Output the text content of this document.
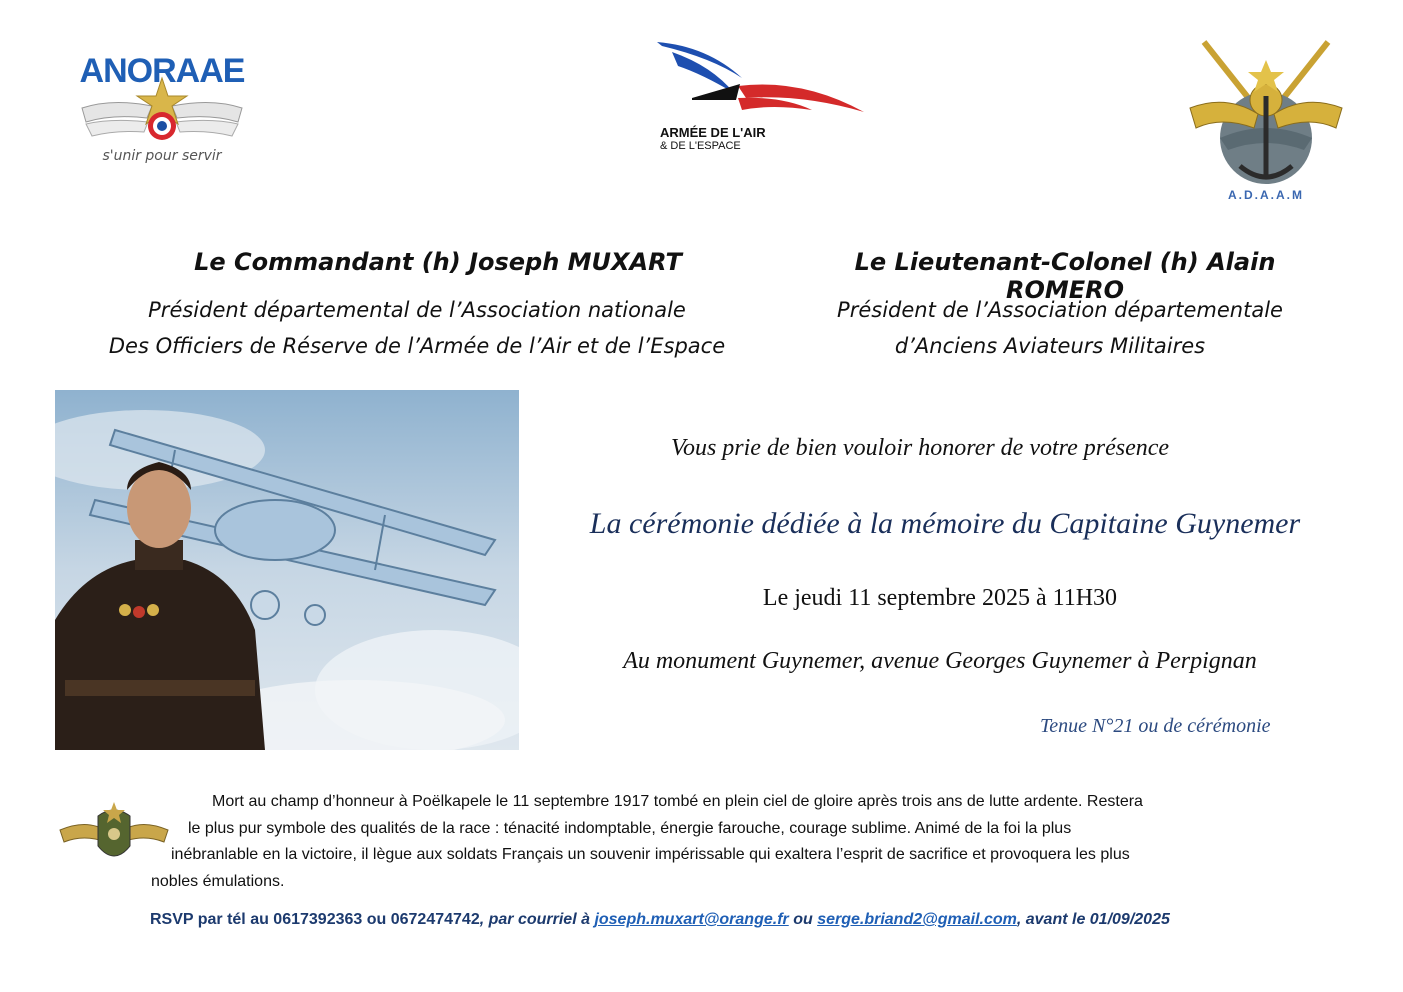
ANORAAE
s'unir pour servir
ARMÉE DE L'AIR
& DE L'ESPACE
A.D.A.A.M
Le Commandant (h) Joseph MUXART
Président départemental de l’Association nationale
Des Officiers de Réserve de l’Armée de l’Air et de l’Espace
Le Lieutenant-Colonel (h) Alain ROMERO
Président de l’Association départementale
d’Anciens Aviateurs Militaires
Vous prie de bien vouloir honorer de votre présence
La cérémonie dédiée à la mémoire du Capitaine Guynemer
Le jeudi 11 septembre 2025 à 11H30
Au monument Guynemer, avenue Georges Guynemer à Perpignan
Tenue N°21 ou de cérémonie
Mort au champ d’honneur à Poëlkapele le 11 septembre 1917 tombé en plein ciel de gloire après trois ans de lutte ardente. Restera
le plus pur symbole des qualités de la race : ténacité indomptable, énergie farouche, courage sublime. Animé de la foi la plus
inébranlable en la victoire, il lègue aux soldats Français un souvenir impérissable qui exaltera l’esprit de sacrifice et provoquera les plus
nobles émulations.
RSVP par tél au 0617392363 ou 0672474742, par courriel à joseph.muxart@orange.fr ou serge.briand2@gmail.com, avant le 01/09/2025
